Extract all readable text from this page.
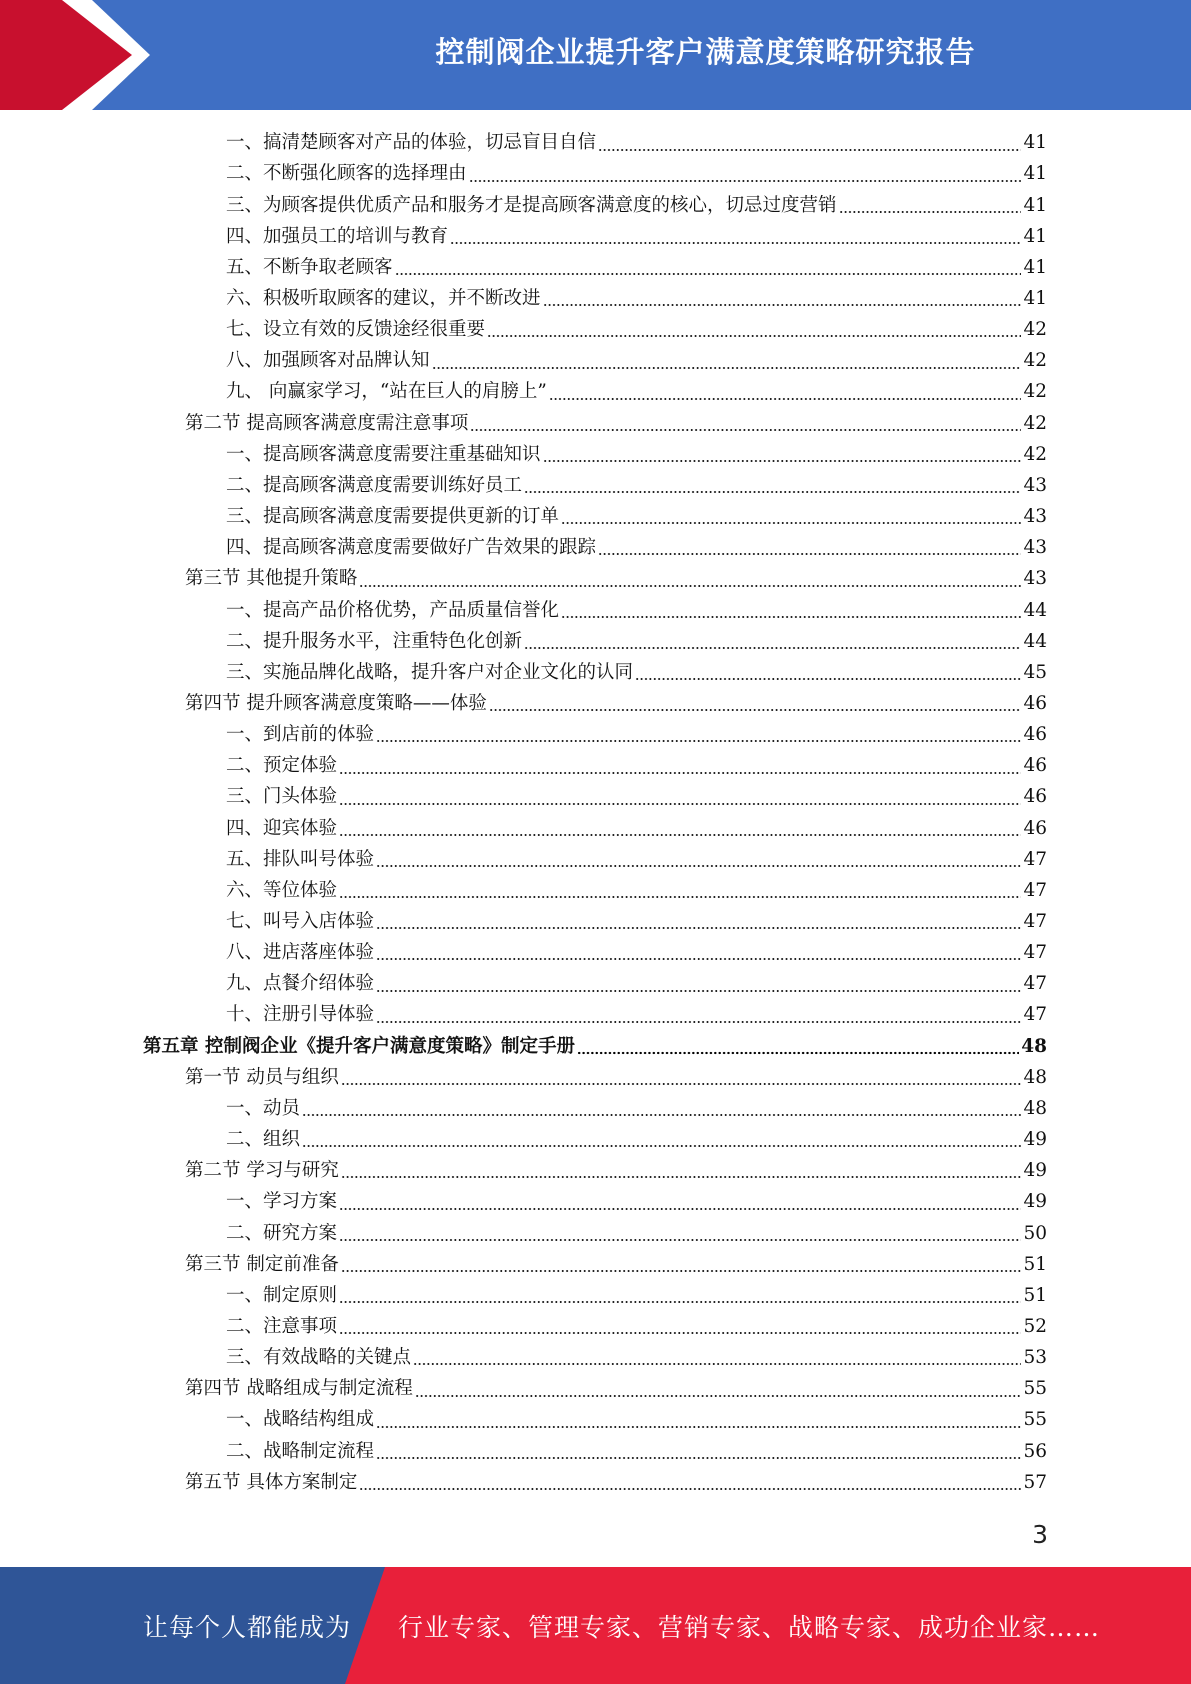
控制阀企业提升客户满意度策略研究报告
一、搞清楚顾客对产品的体验，切忌盲目自信	41
二、不断强化顾客的选择理由	41
三、为顾客提供优质产品和服务才是提高顾客满意度的核心，切忌过度营销	41
四、加强员工的培训与教育	41
五、不断争取老顾客	41
六、积极听取顾客的建议，并不断改进	41
七、设立有效的反馈途经很重要	42
八、加强顾客对品牌认知	42
九、 向赢家学习，“站在巨人的肩膀上”	42
第二节 提高顾客满意度需注意事项	42
一、提高顾客满意度需要注重基础知识	42
二、提高顾客满意度需要训练好员工	43
三、提高顾客满意度需要提供更新的订单	43
四、提高顾客满意度需要做好广告效果的跟踪	43
第三节 其他提升策略	43
一、提高产品价格优势，产品质量信誉化	44
二、提升服务水平，注重特色化创新	44
三、实施品牌化战略，提升客户对企业文化的认同	45
第四节 提升顾客满意度策略——体验	46
一、到店前的体验	46
二、预定体验	46
三、门头体验	46
四、迎宾体验	46
五、排队叫号体验	47
六、等位体验	47
七、叫号入店体验	47
八、进店落座体验	47
九、点餐介绍体验	47
十、注册引导体验	47
第五章 控制阀企业《提升客户满意度策略》制定手册	48
第一节 动员与组织	48
一、动员	48
二、组织	49
第二节 学习与研究	49
一、学习方案	49
二、研究方案	50
第三节 制定前准备	51
一、制定原则	51
二、注意事项	52
三、有效战略的关键点	53
第四节 战略组成与制定流程	55
一、战略结构组成	55
二、战略制定流程	56
第五节 具体方案制定	57
3
让每个人都能成为 行业专家、管理专家、营销专家、战略专家、成功企业家……
